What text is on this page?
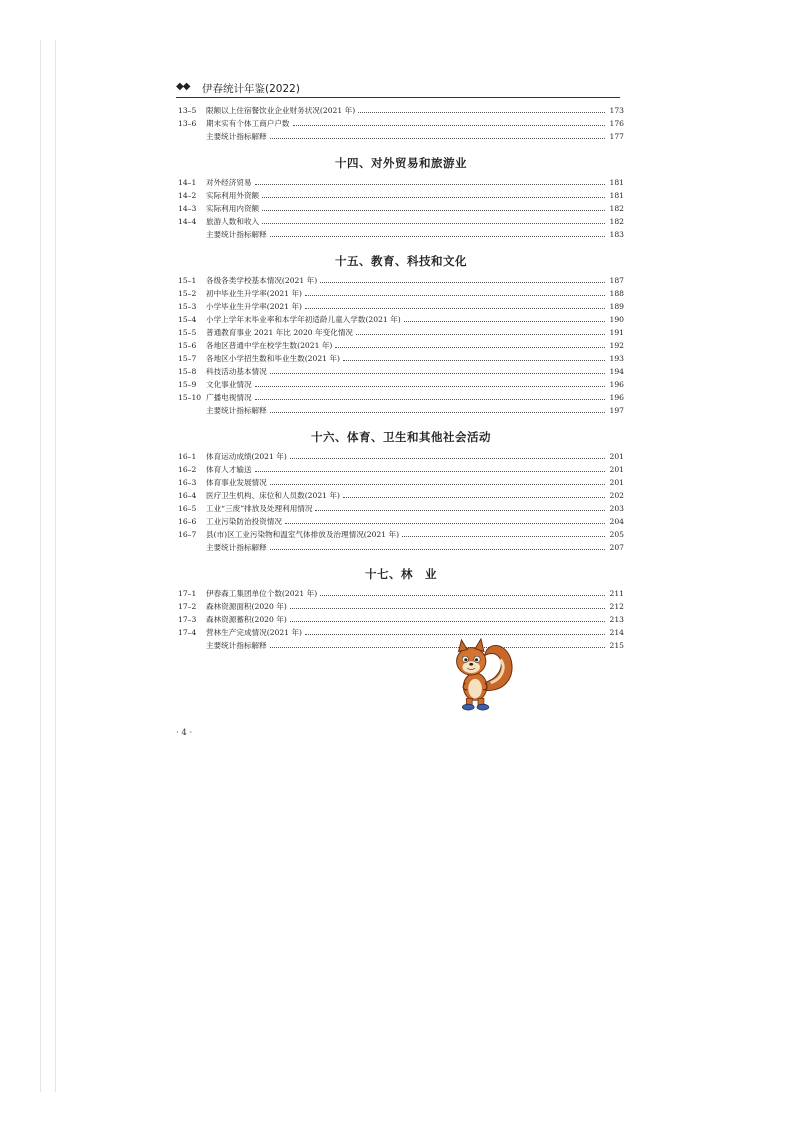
◆◆ 伊春统计年鉴(2022)
13–5	限额以上住宿餐饮业企业财务状况(2021 年)	173
13–6	期末实有个体工商户户数	176
主要统计指标解释	177
十四、对外贸易和旅游业
14–1	对外经济贸易	181
14–2	实际利用外资额	181
14–3	实际利用内资额	182
14–4	旅游人数和收入	182
主要统计指标解释	183
十五、教育、科技和文化
15–1	各级各类学校基本情况(2021 年)	187
15–2	初中毕业生升学率(2021 年)	188
15–3	小学毕业生升学率(2021 年)	189
15–4	小学上学年末毕业率和本学年初适龄儿童入学数(2021 年)	190
15–5	普通教育事业 2021 年比 2020 年变化情况	191
15–6	各地区普通中学在校学生数(2021 年)	192
15–7	各地区小学招生数和毕业生数(2021 年)	193
15–8	科技活动基本情况	194
15–9	文化事业情况	196
15–10 广播电视情况	196
主要统计指标解释	197
十六、体育、卫生和其他社会活动
16–1	体育运动成绩(2021 年)	201
16–2	体育人才输送	201
16–3	体育事业发展情况	201
16–4	医疗卫生机构、床位和人员数(2021 年)	202
16–5	工业“三废”排放及处理利用情况	203
16–6	工业污染防治投资情况	204
16–7	县(市)区工业污染物和温室气体排放及治理情况(2021 年)	205
主要统计指标解释	207
十七、林　业
17–1	伊春森工集团单位个数(2021 年)	211
17–2	森林资源面积(2020 年)	212
17–3	森林资源蓄积(2020 年)	213
17–4	营林生产完成情况(2021 年)	214
主要统计指标解释	215
· 4 ·
